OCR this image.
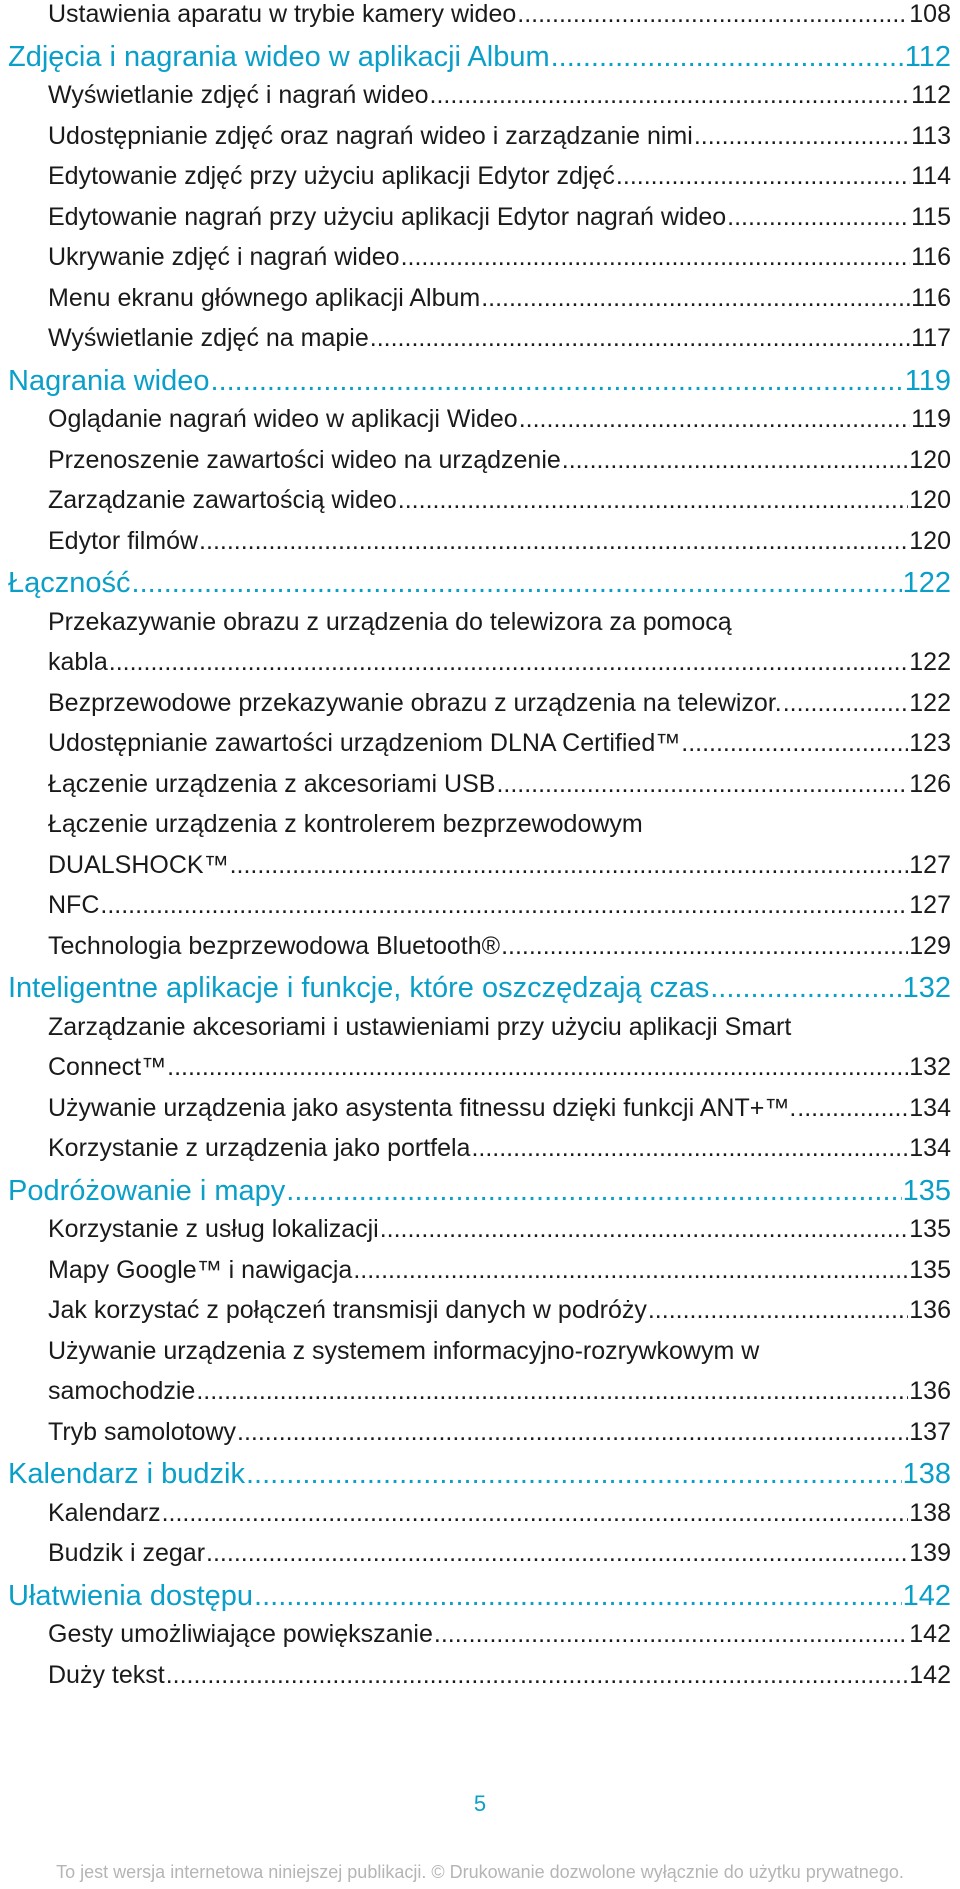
Ustawienia aparatu w trybie kamery wideo .....	108
Zdjęcia i nagrania wideo w aplikacji Album .....	112
Wyświetlanie zdjęć i nagrań wideo .....	112
Udostępnianie zdjęć oraz nagrań wideo i zarządzanie nimi .....	113
Edytowanie zdjęć przy użyciu aplikacji Edytor zdjęć .....	114
Edytowanie nagrań przy użyciu aplikacji Edytor nagrań wideo .....	115
Ukrywanie zdjęć i nagrań wideo .....	116
Menu ekranu głównego aplikacji Album .....	116
Wyświetlanie zdjęć na mapie .....	117
Nagrania wideo .....	119
Oglądanie nagrań wideo w aplikacji Wideo .....	119
Przenoszenie zawartości wideo na urządzenie .....	120
Zarządzanie zawartością wideo .....	120
Edytor filmów .....	120
Łączność .....	122
Przekazywanie obrazu z urządzenia do telewizora za pomocą
kabla .....	122
Bezprzewodowe przekazywanie obrazu z urządzenia na telewizor. .....	122
Udostępnianie zawartości urządzeniom DLNA Certified™ .....	123
Łączenie urządzenia z akcesoriami USB .....	126
Łączenie urządzenia z kontrolerem bezprzewodowym
DUALSHOCK™ .....	127
NFC .....	127
Technologia bezprzewodowa Bluetooth® .....	129
Inteligentne aplikacje i funkcje, które oszczędzają czas .....	132
Zarządzanie akcesoriami i ustawieniami przy użyciu aplikacji Smart
Connect™ .....	132
Używanie urządzenia jako asystenta fitnessu dzięki funkcji ANT+™. .....	134
Korzystanie z urządzenia jako portfela .....	134
Podróżowanie i mapy .....	135
Korzystanie z usług lokalizacji .....	135
Mapy Google™ i nawigacja .....	135
Jak korzystać z połączeń transmisji danych w podróży .....	136
Używanie urządzenia z systemem informacyjno-rozrywkowym w
samochodzie .....	136
Tryb samolotowy .....	137
Kalendarz i budzik .....	138
Kalendarz .....	138
Budzik i zegar .....	139
Ułatwienia dostępu .....	142
Gesty umożliwiające powiększanie .....	142
Duży tekst .....	142
5
To jest wersja internetowa niniejszej publikacji. © Drukowanie dozwolone wyłącznie do użytku prywatnego.
